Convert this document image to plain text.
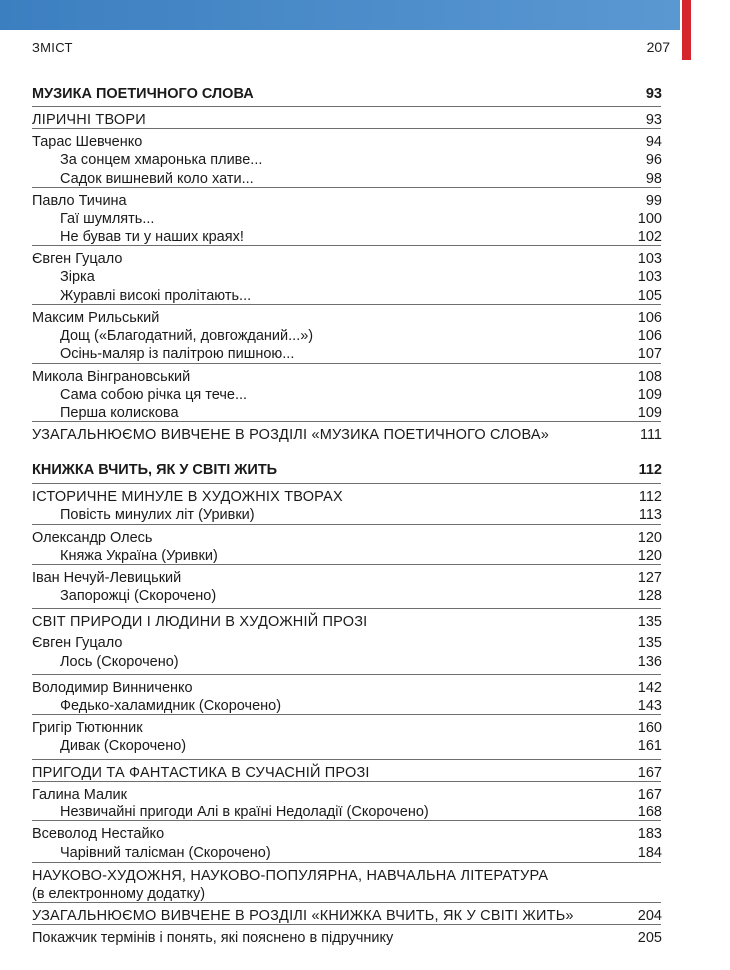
ЗМІСТ	207
МУЗИКА ПОЕТИЧНОГО СЛОВА	93
ЛІРИЧНІ ТВОРИ	93
Тарас Шевченко	94
За сонцем хмаронька пливе...	96
Садок вишневий коло хати...	98
Павло Тичина	99
Гаї шумлять...	100
Не бував ти у наших краях!	102
Євген Гуцало	103
Зірка	103
Журавлі високі пролітають...	105
Максим Рильський	106
Дощ («Благодатний, довгожданий...»)	106
Осінь-маляр із палітрою пишною...	107
Микола Вінграновський	108
Сама собою річка ця тече...	109
Перша колискова	109
УЗАГАЛЬНЮЄМО ВИВЧЕНЕ В РОЗДІЛІ «МУЗИКА ПОЕТИЧНОГО СЛОВА»	111
КНИЖКА ВЧИТЬ, ЯК У СВІТІ ЖИТЬ	112
ІСТОРИЧНЕ МИНУЛЕ В ХУДОЖНІХ ТВОРАХ	112
Повість минулих літ (Уривки)	113
Олександр Олесь	120
Княжа Україна (Уривки)	120
Іван Нечуй-Левицький	127
Запорожці (Скорочено)	128
СВІТ ПРИРОДИ І ЛЮДИНИ В ХУДОЖНІЙ ПРОЗІ	135
Євген Гуцало	135
Лось (Скорочено)	136
Володимир Винниченко	142
Федько-халамидник (Скорочено)	143
Григір Тютюнник	160
Дивак (Скорочено)	161
ПРИГОДИ ТА ФАНТАСТИКА В СУЧАСНІЙ ПРОЗІ	167
Галина Малик	167
Незвичайні пригоди Алі в країні Недоладії (Скорочено)	168
Всеволод Нестайко	183
Чарівний талісман (Скорочено)	184
НАУКОВО-ХУДОЖНЯ, НАУКОВО-ПОПУЛЯРНА, НАВЧАЛЬНА ЛІТЕРАТУРА
(в електронному додатку)
УЗАГАЛЬНЮЄМО ВИВЧЕНЕ В РОЗДІЛІ «КНИЖКА ВЧИТЬ, ЯК У СВІТІ ЖИТЬ»	204
Покажчик термінів і понять, які пояснено в підручнику	205
